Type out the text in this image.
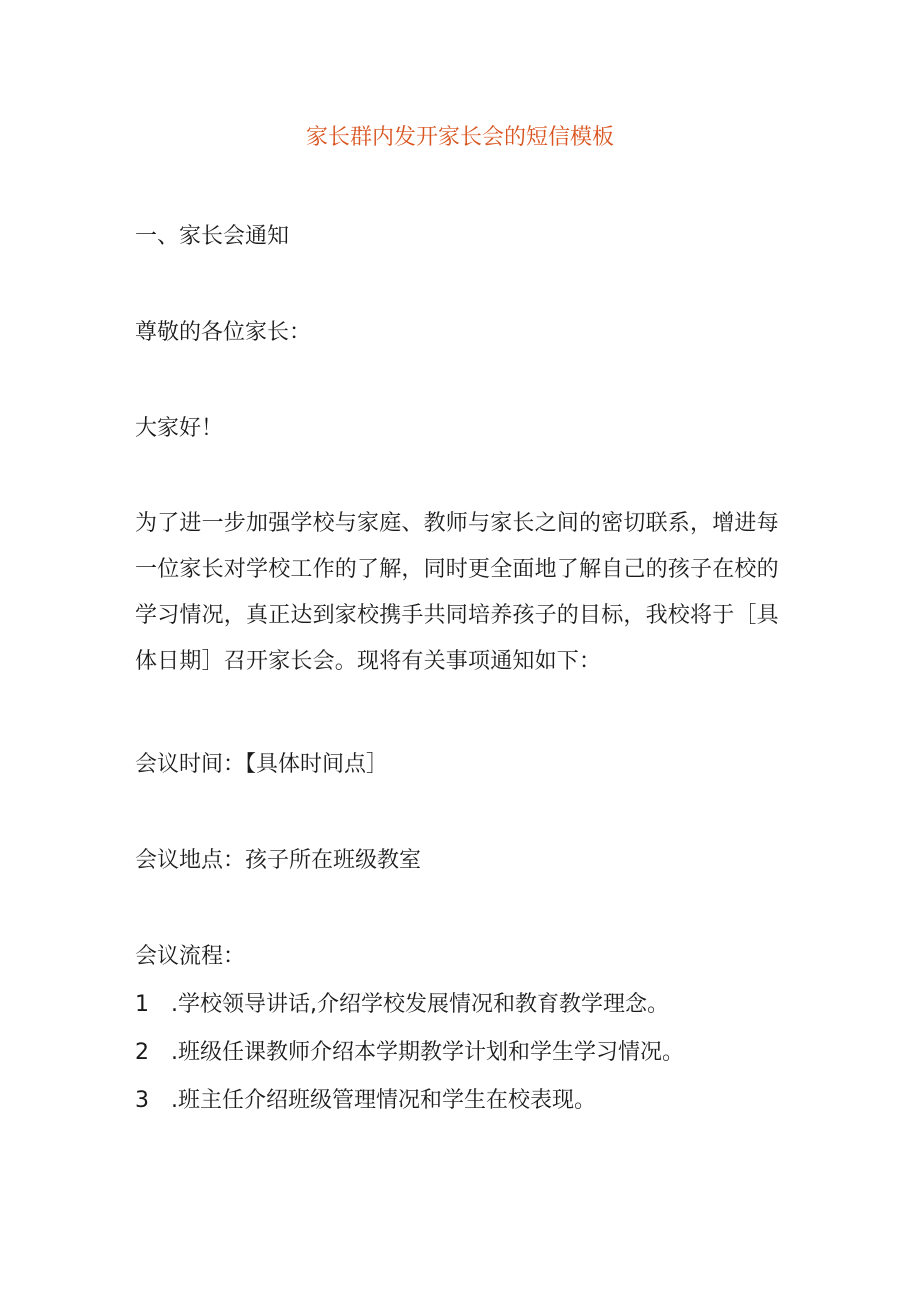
家长群内发开家长会的短信模板
一、家长会通知
尊敬的各位家长：
大家好！
为了进一步加强学校与家庭、教师与家长之间的密切联系，增进每一位家长对学校工作的了解，同时更全面地了解自己的孩子在校的学习情况，真正达到家校携手共同培养孩子的目标，我校将于［具体日期］召开家长会。现将有关事项通知如下：
会议时间：【具体时间点］
会议地点：孩子所在班级教室
会议流程：
1 .学校领导讲话,介绍学校发展情况和教育教学理念。
2 .班级任课教师介绍本学期教学计划和学生学习情况。
3 .班主任介绍班级管理情况和学生在校表现。
